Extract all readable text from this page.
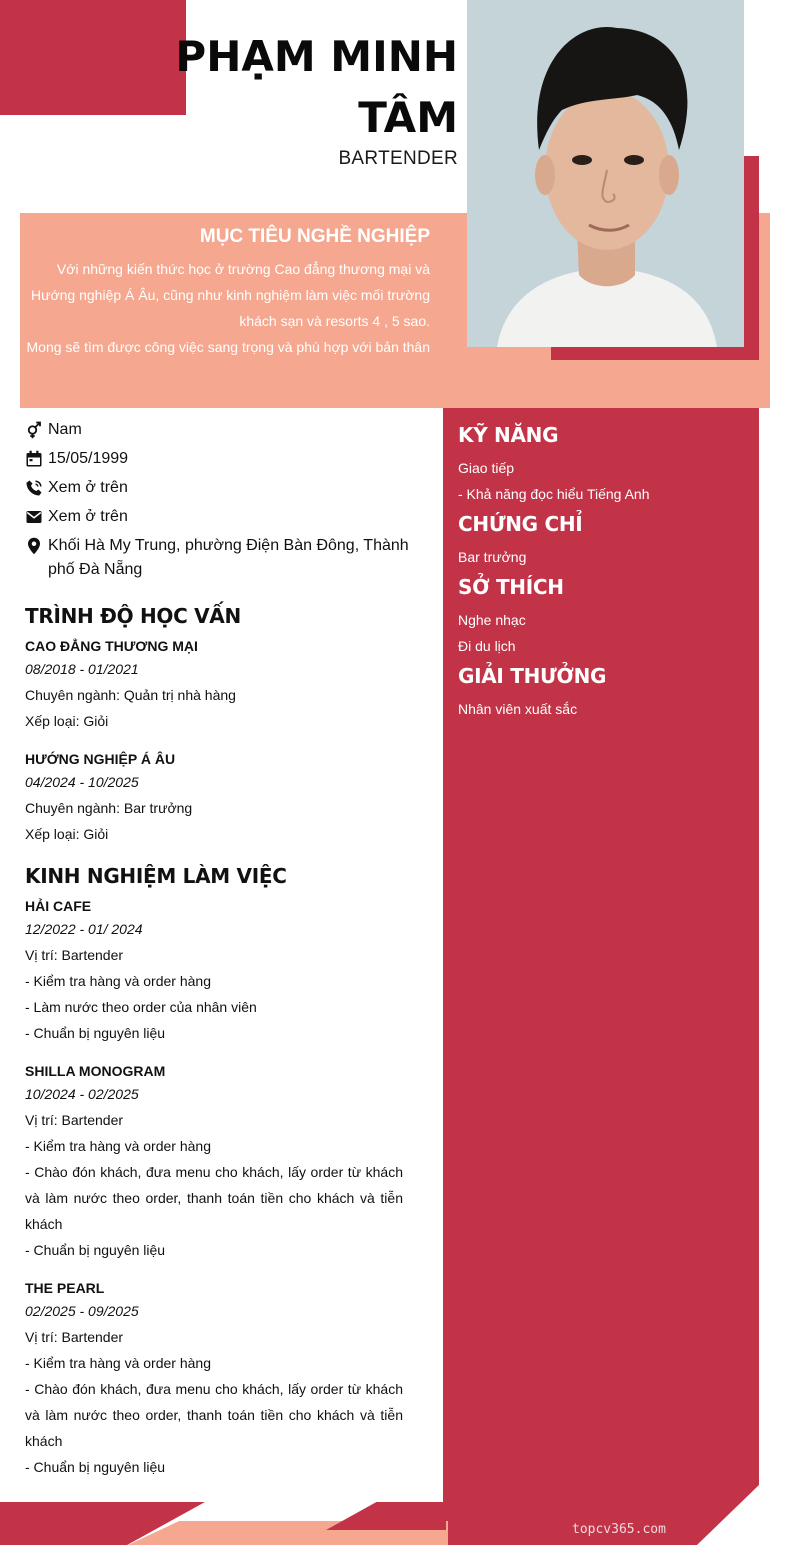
PHẠM MINH TÂM
BARTENDER
MỤC TIÊU NGHỀ NGHIỆP

Với những kiến thức học ở trường Cao đẳng thương mại và Hướng nghiệp Á Âu, cũng như kinh nghiệm làm việc mối trường khách sạn và resorts 4 , 5 sao.

Mong sẽ tìm được công việc sang trọng và phù hợp với bản thân

Nam
15/05/1999
Xem ở trên
Xem ở trên
Khối Hà My Trung, phường Điện Bàn Đông, Thành phố Đà Nẵng
TRÌNH ĐỘ HỌC VẤN
CAO ĐẲNG THƯƠNG MẠI
08/2018 - 01/2021
Chuyên ngành: Quản trị nhà hàng
Xếp loại: Giỏi
HƯỚNG NGHIỆP Á ÂU
04/2024 - 10/2025
Chuyên ngành: Bar trưởng
Xếp loại: Giỏi
KINH NGHIỆM LÀM VIỆC
HẢI CAFE
12/2022 - 01/ 2024
Vị trí: Bartender
- Kiểm tra hàng và order hàng
- Làm nước theo order của nhân viên
- Chuẩn bị nguyên liệu
SHILLA MONOGRAM
10/2024 - 02/2025
Vị trí: Bartender
- Kiểm tra hàng và order hàng
- Chào đón khách, đưa menu cho khách, lấy order từ khách và làm nước theo order, thanh toán tiền cho khách và tiễn khách
- Chuẩn bị nguyên liệu
THE PEARL
02/2025 - 09/2025
Vị trí: Bartender
- Kiểm tra hàng và order hàng
- Chào đón khách, đưa menu cho khách, lấy order từ khách và làm nước theo order, thanh toán tiền cho khách và tiễn khách
- Chuẩn bị nguyên liệu
KỸ NĂNG
Giao tiếp
- Khả năng đọc hiểu Tiếng Anh
CHỨNG CHỈ
Bar trưởng
SỞ THÍCH
Nghe nhạc
Đi du lịch
GIẢI THƯỞNG
Nhân viên xuất sắc
topcv365.com
